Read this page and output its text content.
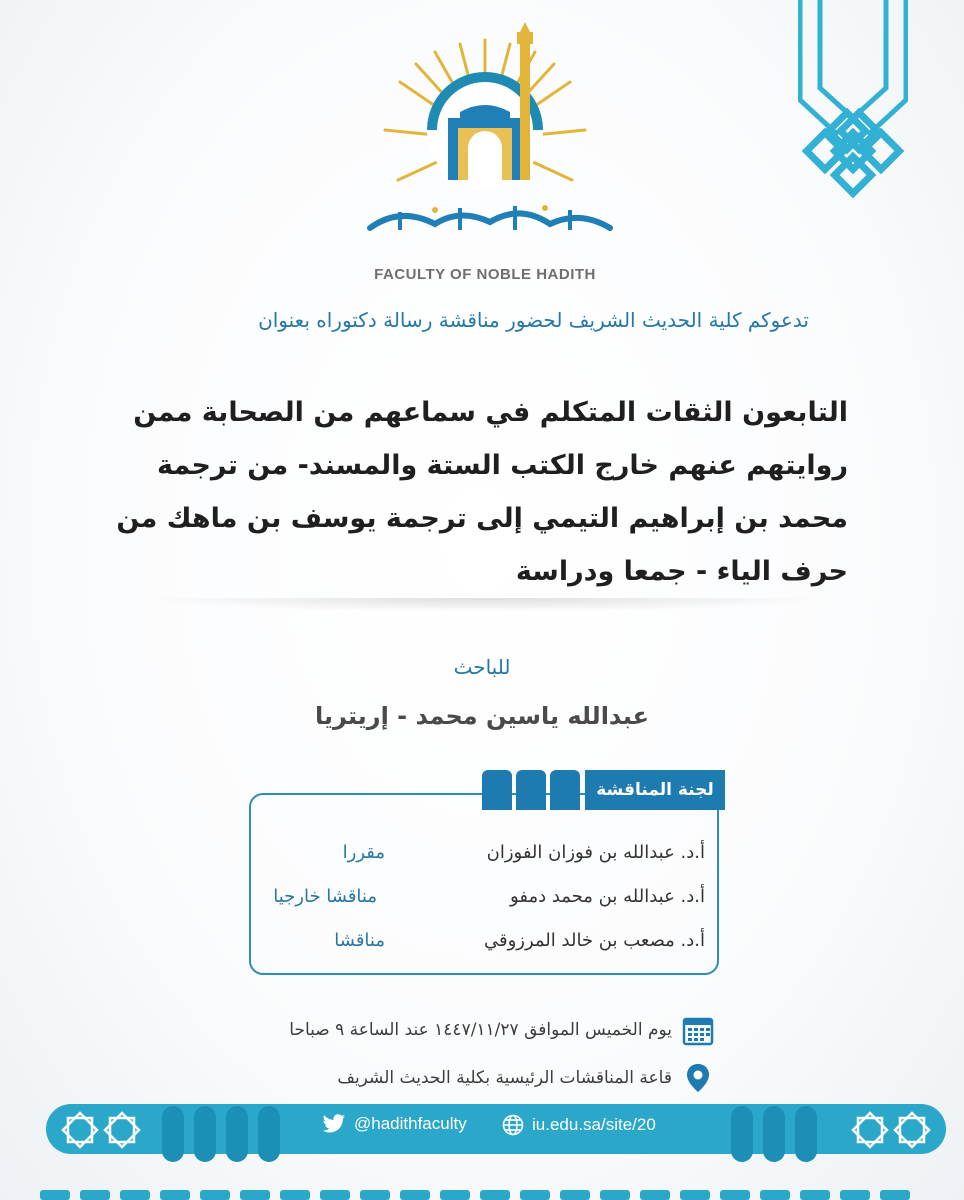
FACULTY OF NOBLE HADITH
تدعوكم كلية الحديث الشريف لحضور مناقشة رسالة دكتوراه بعنوان
التابعون الثقات المتكلم في سماعهم من الصحابة ممن
روايتهم عنهم خارج الكتب الستة والمسند- من ترجمة
محمد بن إبراهيم التيمي إلى ترجمة يوسف بن ماهك من
حرف الياء - جمعا ودراسة
للباحث
عبدالله ياسين محمد - إريتريا
لجنة المناقشة
أ.د. عبدالله بن فوزان الفوزان
مقررا
أ.د. عبدالله بن محمد دمفو
مناقشا خارجيا
أ.د. مصعب بن خالد المرزوقي
مناقشا
يوم الخميس الموافق ١٤٤٧/١١/٢٧ عند الساعة ٩ صباحا
قاعة المناقشات الرئيسية بكلية الحديث الشريف
@hadithfaculty	iu.edu.sa/site/20
